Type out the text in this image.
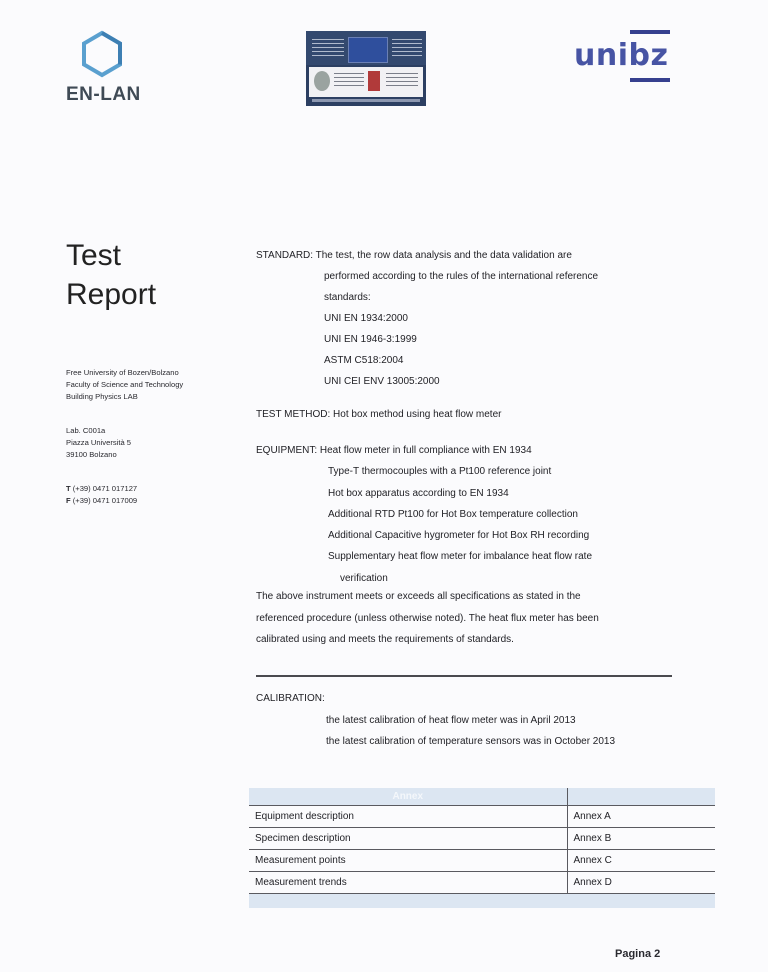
EN-LAN
unibz
Test
Report
Free University of Bozen/Bolzano
Faculty of Science and Technology
Building Physics LAB
Lab. C001a
Piazza Università 5
39100 Bolzano
T (+39) 0471 017127
F (+39) 0471 017009
STANDARD: The test, the row data analysis and the data validation are
performed according to the rules of the international reference
standards:
UNI EN 1934:2000
UNI EN 1946-3:1999
ASTM C518:2004
UNI CEI ENV 13005:2000
TEST METHOD: Hot box method using heat flow meter
EQUIPMENT: Heat flow meter in full compliance with EN 1934
Type-T thermocouples with a Pt100 reference joint
Hot box apparatus according to EN 1934
Additional RTD Pt100 for Hot Box temperature collection
Additional Capacitive hygrometer for Hot Box RH recording
Supplementary heat flow meter for imbalance heat flow rate
verification
The above instrument meets or exceeds all specifications as stated in the
referenced procedure (unless otherwise noted). The heat flux meter has been
calibrated using and meets the requirements of standards.
CALIBRATION:
the latest calibration of heat flow meter was in April 2013
the latest calibration of temperature sensors was in October 2013
Annex	
Equipment description	Annex A
Specimen description	Annex B
Measurement points	Annex C
Measurement trends	Annex D
Pagina 2
